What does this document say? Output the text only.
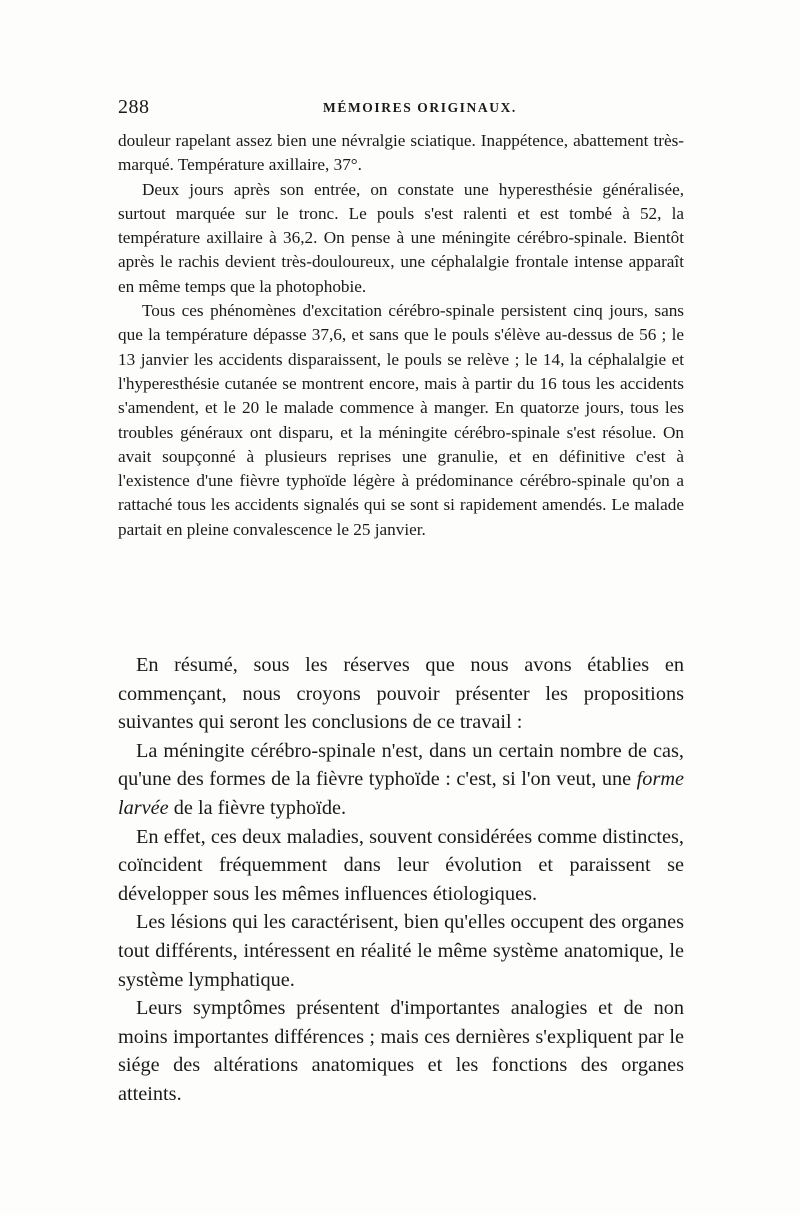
288	MÉMOIRES ORIGINAUX.

douleur rapelant assez bien une névralgie sciatique. Inappétence, abattement très-marqué. Température axillaire, 37°.

Deux jours après son entrée, on constate une hyperesthésie généralisée, surtout marquée sur le tronc. Le pouls s'est ralenti et est tombé à 52, la température axillaire à 36,2. On pense à une méningite cérébro-spinale. Bientôt après le rachis devient très-douloureux, une céphalalgie frontale intense apparaît en même temps que la photophobie.

Tous ces phénomènes d'excitation cérébro-spinale persistent cinq jours, sans que la température dépasse 37,6, et sans que le pouls s'élève au-dessus de 56 ; le 13 janvier les accidents disparaissent, le pouls se relève ; le 14, la céphalalgie et l'hyperesthésie cutanée se montrent encore, mais à partir du 16 tous les accidents s'amendent, et le 20 le malade commence à manger. En quatorze jours, tous les troubles généraux ont disparu, et la méningite cérébro-spinale s'est résolue. On avait soupçonné à plusieurs reprises une granulie, et en définitive c'est à l'existence d'une fièvre typhoïde légère à prédominance cérébro-spinale qu'on a rattaché tous les accidents signalés qui se sont si rapidement amendés. Le malade partait en pleine convalescence le 25 janvier.

En résumé, sous les réserves que nous avons établies en commençant, nous croyons pouvoir présenter les propositions suivantes qui seront les conclusions de ce travail :

La méningite cérébro-spinale n'est, dans un certain nombre de cas, qu'une des formes de la fièvre typhoïde : c'est, si l'on veut, une forme larvée de la fièvre typhoïde.

En effet, ces deux maladies, souvent considérées comme distinctes, coïncident fréquemment dans leur évolution et paraissent se développer sous les mêmes influences étiologiques.

Les lésions qui les caractérisent, bien qu'elles occupent des organes tout différents, intéressent en réalité le même système anatomique, le système lymphatique.

Leurs symptômes présentent d'importantes analogies et de non moins importantes différences ; mais ces dernières s'expliquent par le siége des altérations anatomiques et les fonctions des organes atteints.
